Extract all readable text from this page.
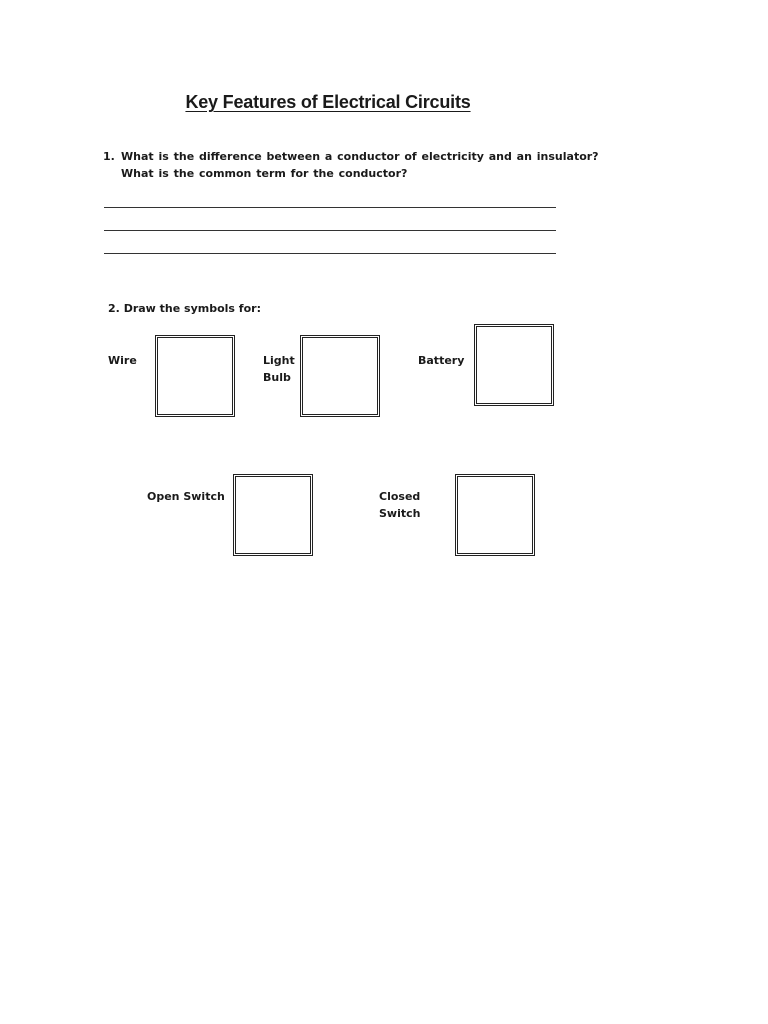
Key Features of Electrical Circuits
1. What is the difference between a conductor of electricity and an insulator? What is the common term for the conductor?
2. Draw the symbols for:
Wire	Light
Bulb
Battery
Open Switch	Closed
Switch
